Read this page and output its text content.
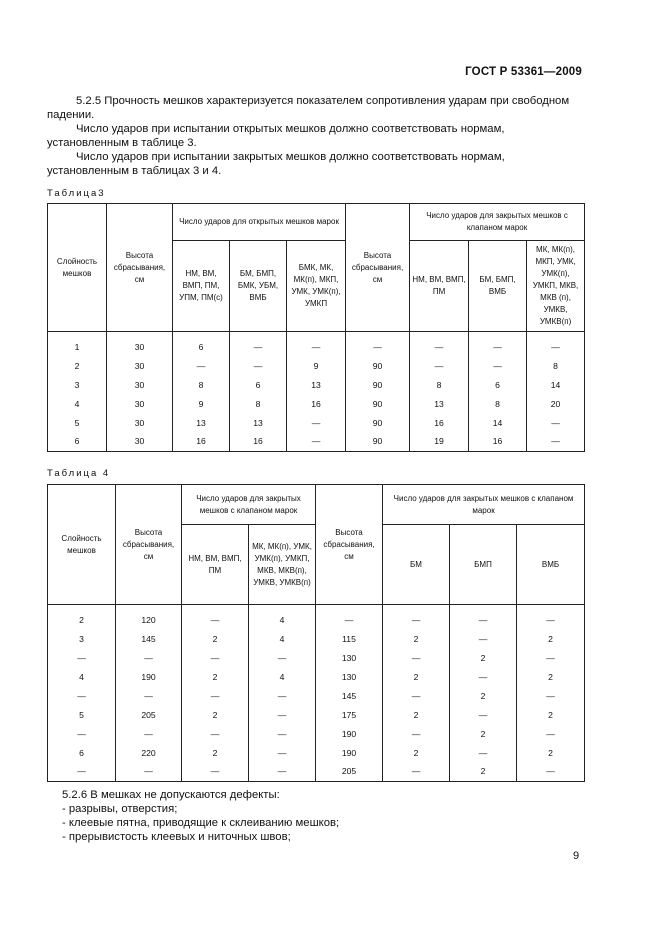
ГОСТ Р 53361—2009
5.2.5 Прочность мешков характеризуется показателем сопротивления ударам при свободном падении.
Число ударов при испытании открытых мешков должно соответствовать нормам, установленным в таблице 3.
Число ударов при испытании закрытых мешков должно соответствовать нормам, установленным в таблицах 3 и 4.
Таблица3
Слойность мешков	Высота сбрасывания, см	Число ударов для открытых мешков марок			Высота сбрасывания, см	Число ударов для закрытых мешков с клапаном марок		
		НМ, ВМ, ВМП, ПМ, УПМ, ПМ(с)	БМ, БМП, БМК, УБМ, ВМБ	БМК, МК, МК(п), МКП, УМК, УМК(п), УМКП		НМ, ВМ, ВМП, ПМ	БМ, БМП, ВМБ	МК, МК(п), МКП, УМК, УМК(п), УМКП, МКВ, МКВ (п), УМКВ, УМКВ(п)

1	30	6	—	—	—	—	—	—
2	30	—	—	9	90	—	—	8
3	30	8	6	13	90	8	6	14
4	30	9	8	16	90	13	8	20
5	30	13	13	—	90	16	14	—
6	30	16	16	—	90	19	16	—
Таблица 4
Слойность мешков	Высота сбрасывания, см	Число ударов для закрытых мешков с клапаном марок		Высота сбрасывания, см	Число ударов для закрытых мешков с клапаном марок		
		НМ, ВМ, ВМП, ПМ	МК, МК(п), УМК, УМК(п), УМКП, МКВ, МКВ(п), УМКВ, УМКВ(п)		БМ	БМП	ВМБ

2	120	—	4	—	—	—	—
3	145	2	4	115	2	—	2
—	—	—	—	130	—	2	—
4	190	2	4	130	2	—	2
—	—	—	—	145	—	2	—
5	205	2	—	175	2	—	2
—	—	—	—	190	—	2	—
6	220	2	—	190	2	—	2
—	—	—	—	205	—	2	—
5.2.6 В мешках не допускаются дефекты:
- разрывы, отверстия;
- клеевые пятна, приводящие к склеиванию мешков;
- прерывистость клеевых и ниточных швов;
9
